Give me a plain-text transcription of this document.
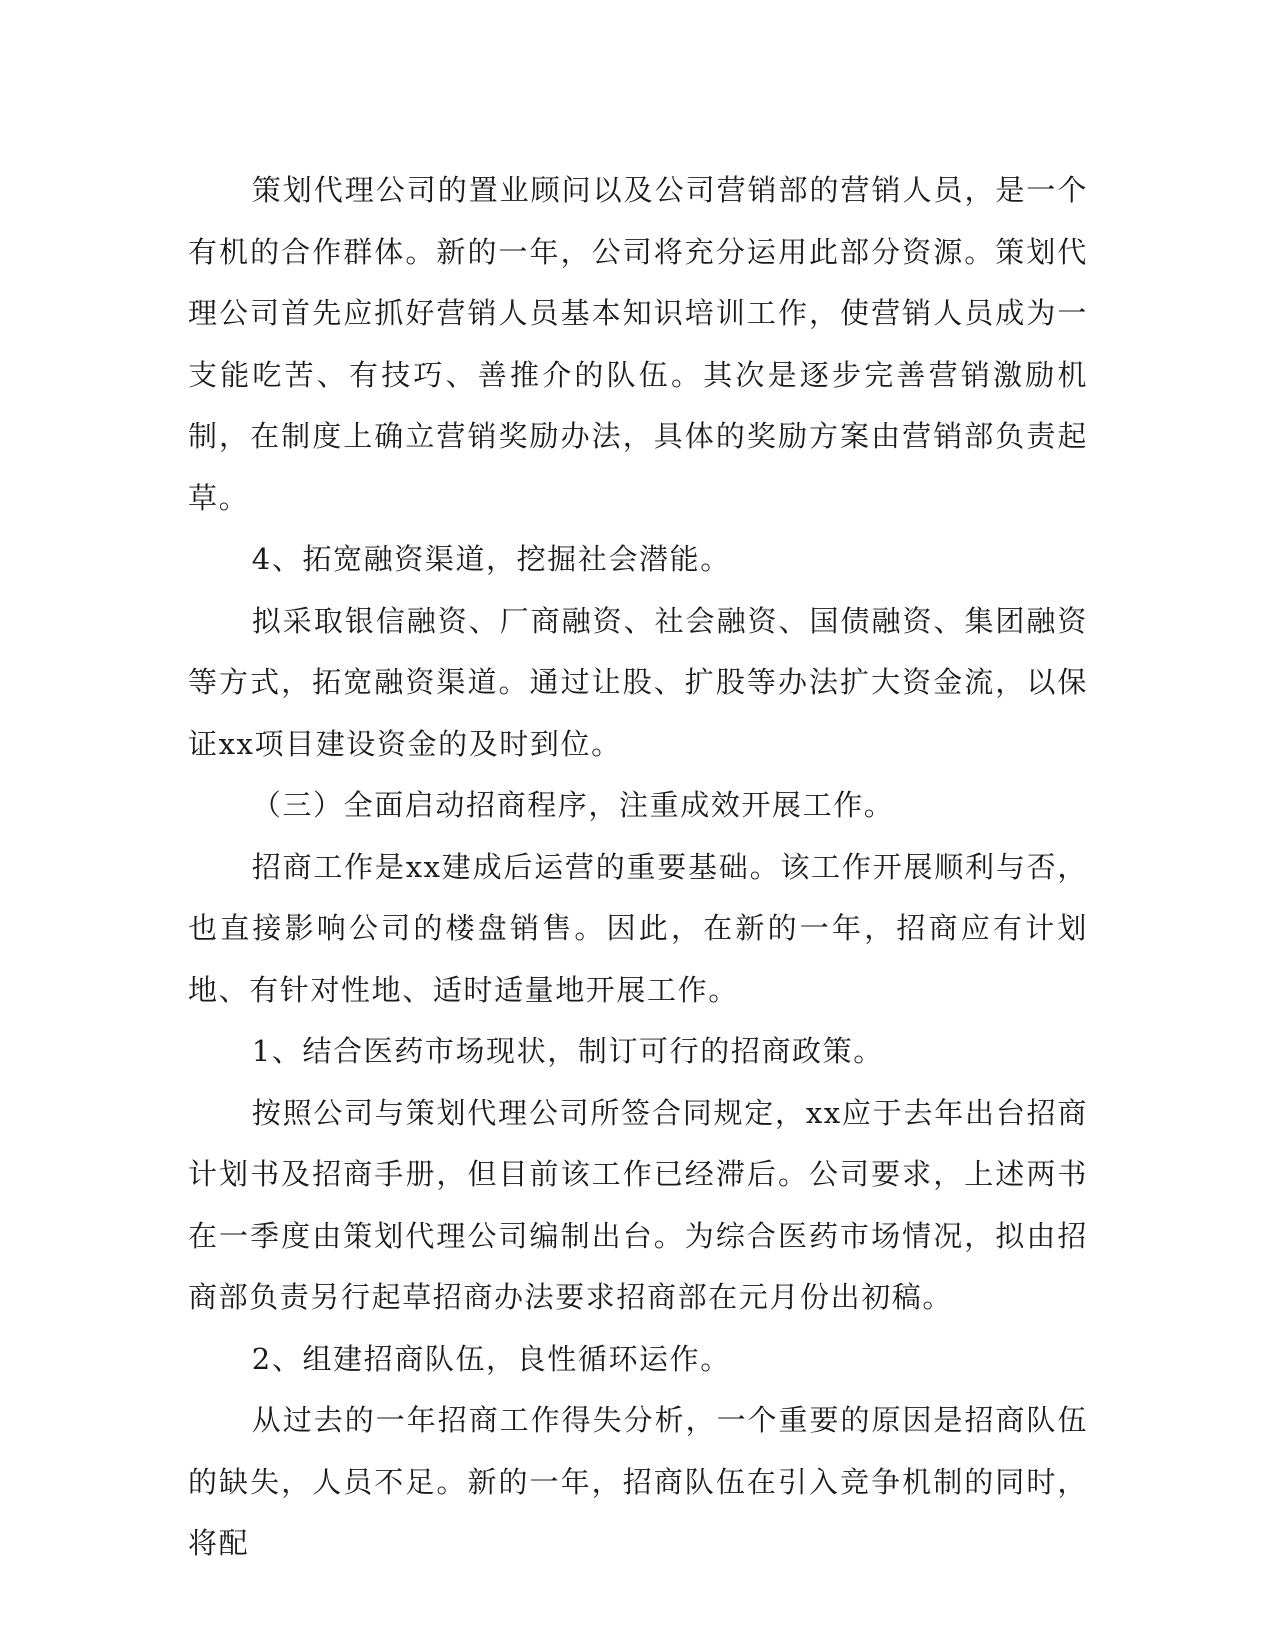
策划代理公司的置业顾问以及公司营销部的营销人员，是一个有机的合作群体。新的一年，公司将充分运用此部分资源。策划代理公司首先应抓好营销人员基本知识培训工作，使营销人员成为一支能吃苦、有技巧、善推介的队伍。其次是逐步完善营销激励机制，在制度上确立营销奖励办法，具体的奖励方案由营销部负责起草。

4、拓宽融资渠道，挖掘社会潜能。

拟采取银信融资、厂商融资、社会融资、国债融资、集团融资等方式，拓宽融资渠道。通过让股、扩股等办法扩大资金流，以保证xx项目建设资金的及时到位。

（三）全面启动招商程序，注重成效开展工作。

招商工作是xx建成后运营的重要基础。该工作开展顺利与否，也直接影响公司的楼盘销售。因此，在新的一年，招商应有计划地、有针对性地、适时适量地开展工作。

1、结合医药市场现状，制订可行的招商政策。

按照公司与策划代理公司所签合同规定，xx应于去年出台招商计划书及招商手册，但目前该工作已经滞后。公司要求，上述两书在一季度由策划代理公司编制出台。为综合医药市场情况，拟由招商部负责另行起草招商办法要求招商部在元月份出初稿。

2、组建招商队伍，良性循环运作。

从过去的一年招商工作得失分析，一个重要的原因是招商队伍的缺失，人员不足。新的一年，招商队伍在引入竞争机制的同时，将配
